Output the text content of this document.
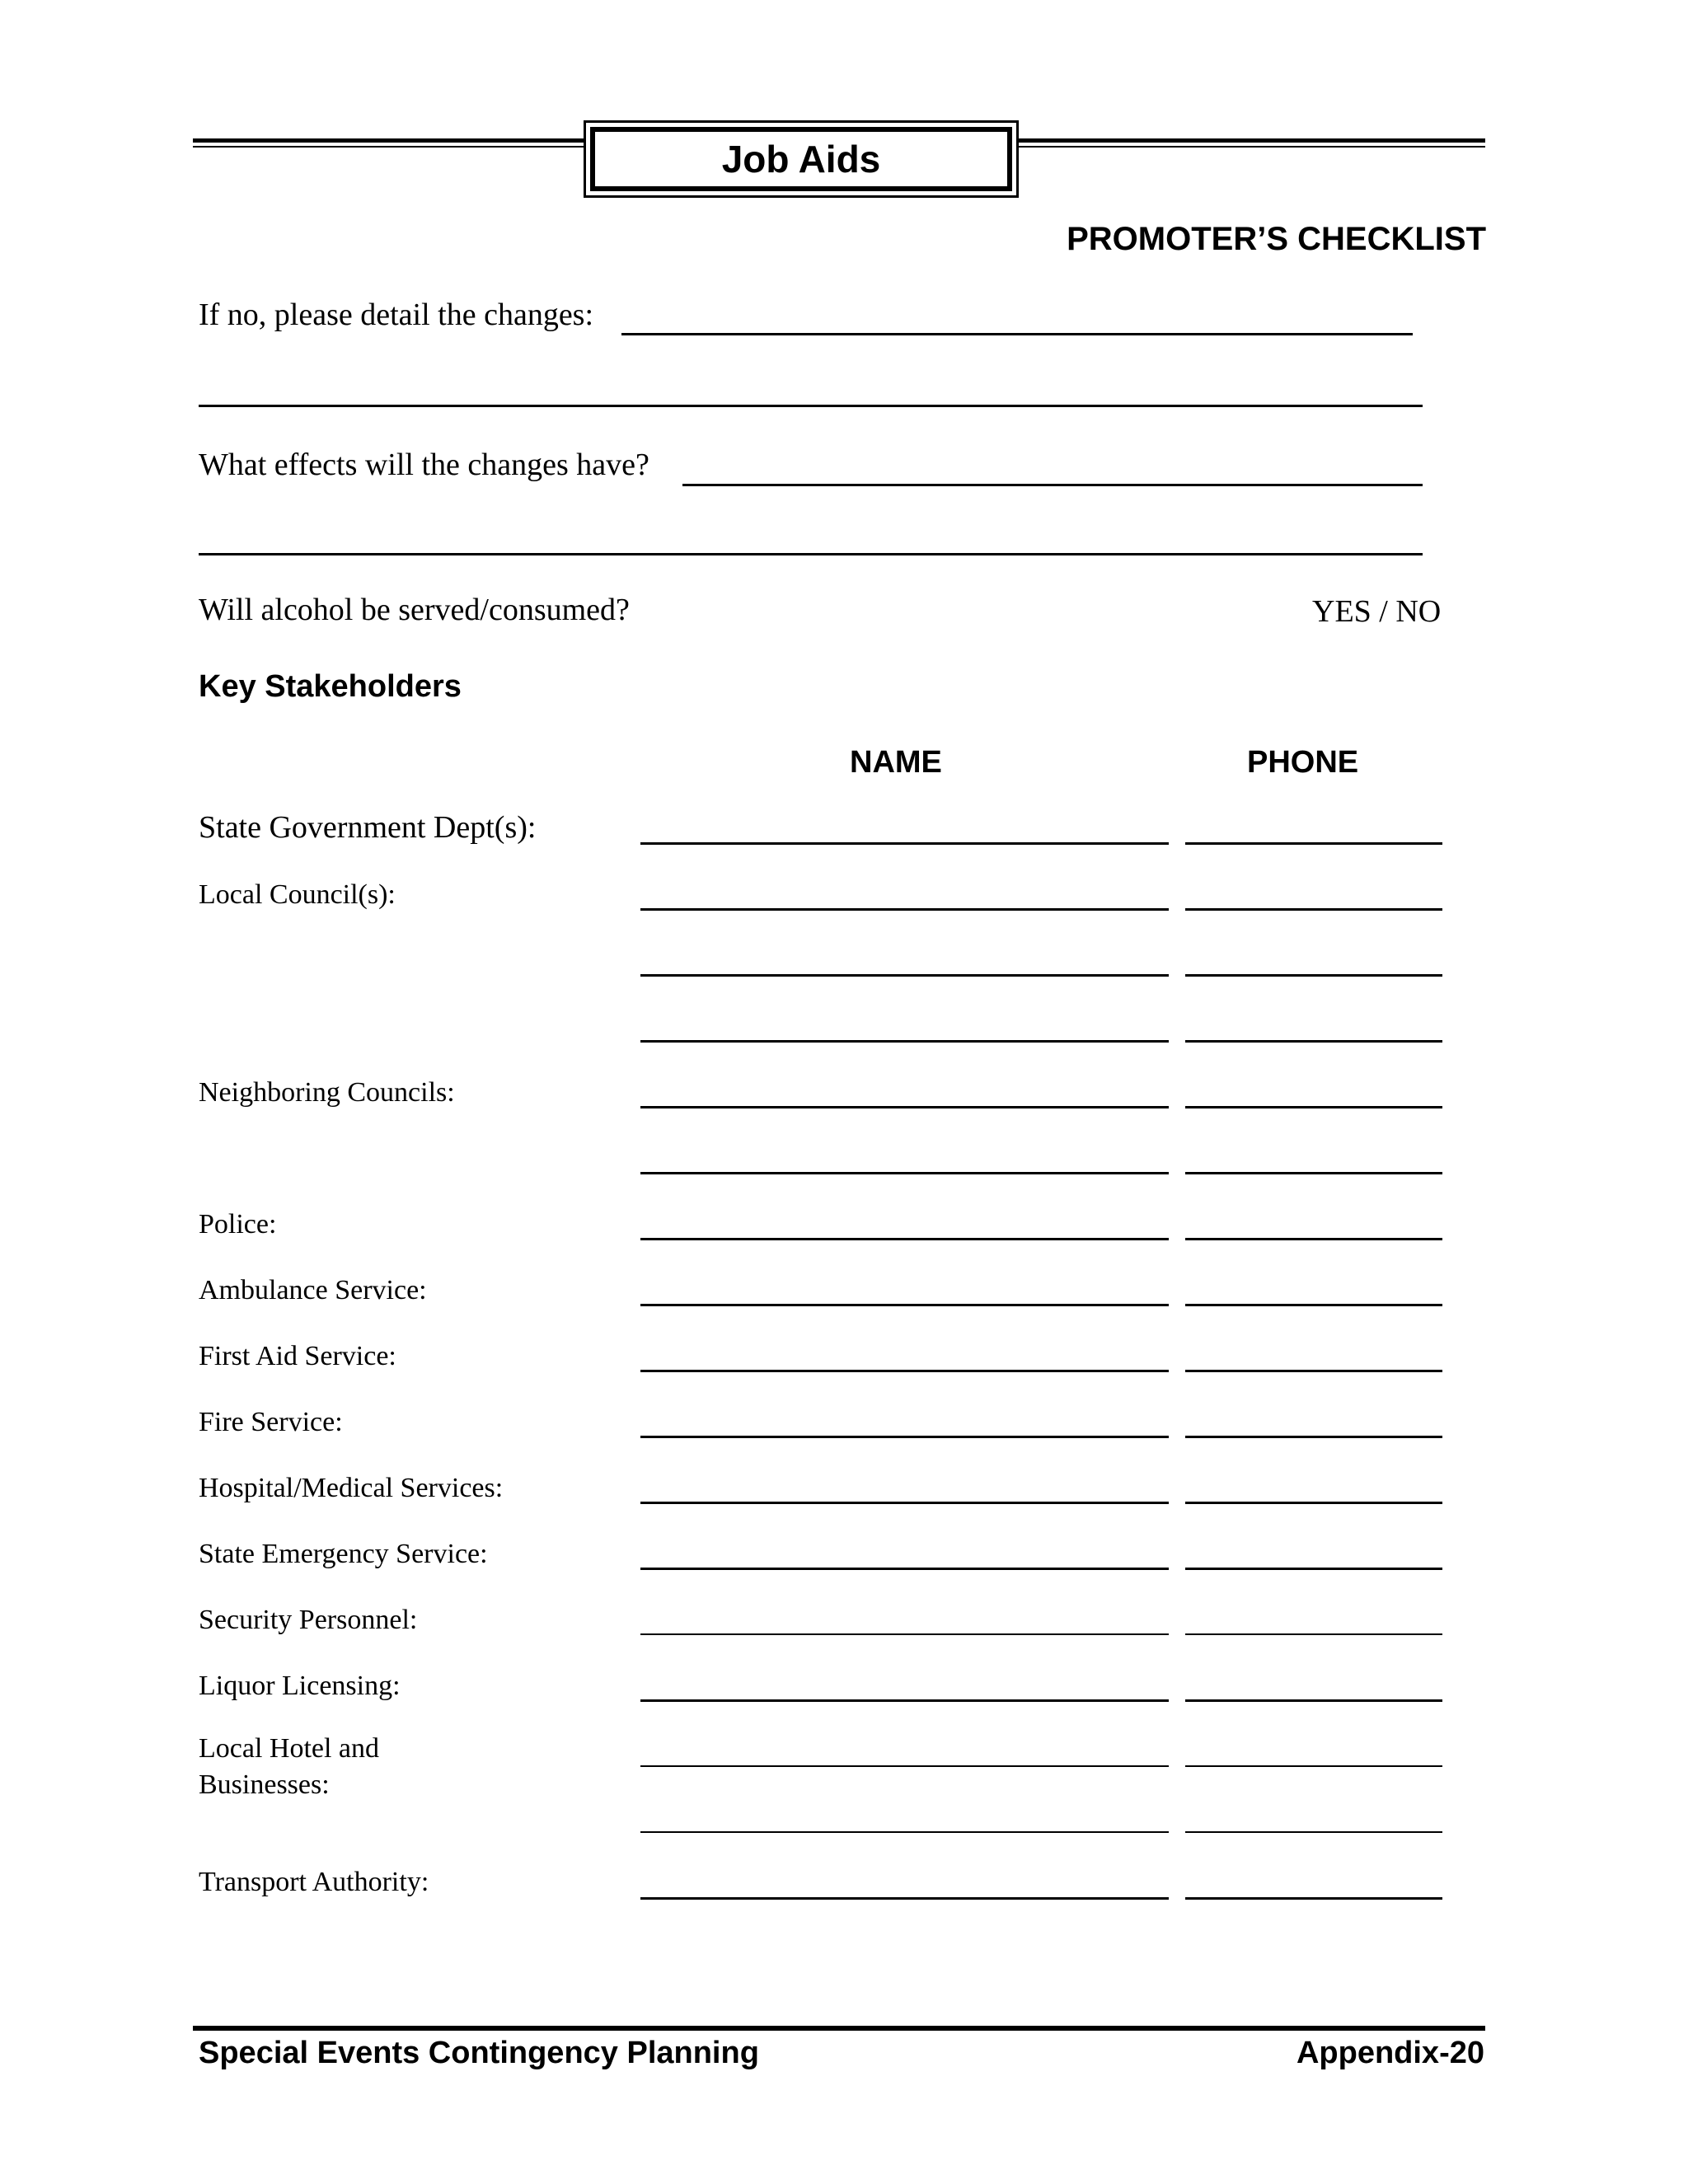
Job Aids
PROMOTER’S CHECKLIST
If no, please detail the changes:
What effects will the changes have?
Will alcohol be served/consumed?	YES / NO
Key Stakeholders
NAME	PHONE
State Government Dept(s):
Local Council(s):
Neighboring Councils:
Police:
Ambulance Service:
First Aid Service:
Fire Service:
Hospital/Medical Services:
State Emergency Service:
Security Personnel:
Liquor Licensing:
Local Hotel and
Businesses:
Transport Authority:
Special Events Contingency Planning	Appendix-20
